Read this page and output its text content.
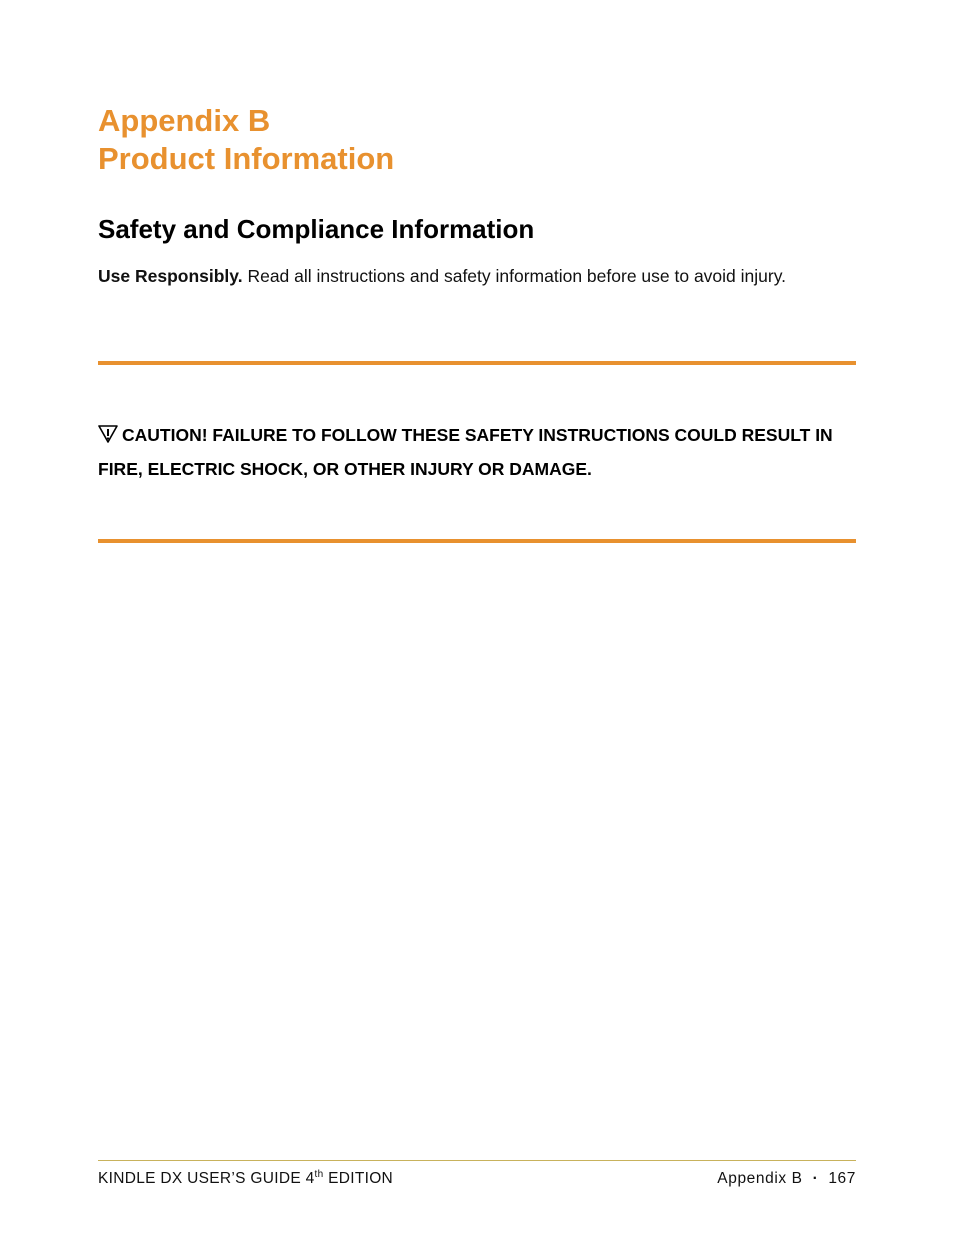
Appendix B
Product Information
Safety and Compliance Information

Use Responsibly. Read all instructions and safety information before use to avoid injury.

CAUTION! FAILURE TO FOLLOW THESE SAFETY INSTRUCTIONS COULD RESULT IN FIRE, ELECTRIC SHOCK, OR OTHER INJURY OR DAMAGE.

KINDLE DX USER’S GUIDE 4th EDITION	Appendix B · 167
